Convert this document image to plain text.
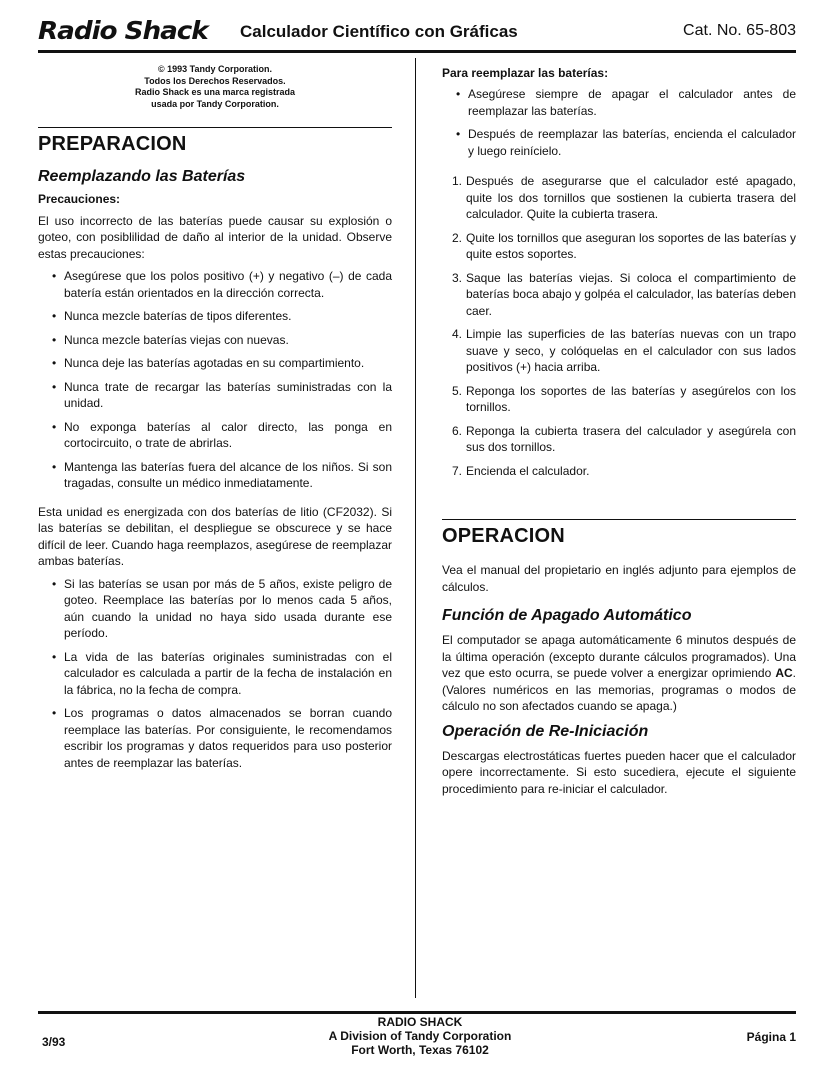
Radio Shack Calculador Científico con Gráficas	Cat. No. 65-803
© 1993 Tandy Corporation.
Todos los Derechos Reservados.
Radio Shack es una marca registrada
usada por Tandy Corporation.
PREPARACION
Reemplazando las Baterías
Precauciones:

El uso incorrecto de las baterías puede causar su explosión o goteo, con posiblilidad de daño al interior de la unidad. Observe estas precauciones:

• Asegúrese que los polos positivo (+) y negativo (–) de cada batería están orientados en la dirección correcta.
• Nunca mezcle baterías de tipos diferentes.
• Nunca mezcle baterías viejas con nuevas.
• Nunca deje las baterías agotadas en su compartimiento.
• Nunca trate de recargar las baterías suministradas con la unidad.
• No exponga baterías al calor directo, las ponga en cortocircuito, o trate de abrirlas.
• Mantenga las baterías fuera del alcance de los niños. Si son tragadas, consulte un médico inmediatamente.

Esta unidad es energizada con dos baterías de litio (CF2032). Si las baterías se debilitan, el despliegue se obscurece y se hace difícil de leer. Cuando haga reemplazos, asegúrese de reemplazar ambas baterías.

• Si las baterías se usan por más de 5 años, existe peligro de goteo. Reemplace las baterías por lo menos cada 5 años, aún cuando la unidad no haya sido usada durante ese período.
• La vida de las baterías originales suministradas con el calculador es calculada a partir de la fecha de instalación en la fábrica, no la fecha de compra.
• Los programas o datos almacenados se borran cuando reemplace las baterías. Por consiguiente, le recomendamos escribir los programas y datos requeridos para uso posterior antes de reemplazar las baterías.
Para reemplazar las baterías:
• Asegúrese siempre de apagar el calculador antes de reemplazar las baterías.
• Después de reemplazar las baterías, encienda el calculador y luego reinícielo.
1. Después de asegurarse que el calculador esté apagado, quite los dos tornillos que sostienen la cubierta trasera del calculador. Quite la cubierta trasera.
2. Quite los tornillos que aseguran los soportes de las baterías y quite estos soportes.
3. Saque las baterías viejas. Si coloca el compartimiento de baterías boca abajo y golpéa el calculador, las baterías deben caer.
4. Limpie las superficies de las baterías nuevas con un trapo suave y seco, y colóquelas en el calculador con sus lados positivos (+) hacia arriba.
5. Reponga los soportes de las baterías y asegúrelos con los tornillos.
6. Reponga la cubierta trasera del calculador y asegúrela con sus dos tornillos.
7. Encienda el calculador.
OPERACION

Vea el manual del propietario en inglés adjunto para ejemplos de cálculos.

Función de Apagado Automático

El computador se apaga automáticamente 6 minutos después de la última operación (excepto durante cálculos programados). Una vez que esto ocurra, se puede volver a energizar oprimiendo AC. (Valores numéricos en las memorias, programas o modos de cálculo no son afectados cuando se apaga.)

Operación de Re-Iniciación

Descargas electrostáticas fuertes pueden hacer que el calculador opere incorrectamente. Si esto sucediera, ejecute el siguiente procedimiento para re-iniciar el calculador.

3/93
RADIO SHACK
A Division of Tandy Corporation
Fort Worth, Texas 76102
Página 1
